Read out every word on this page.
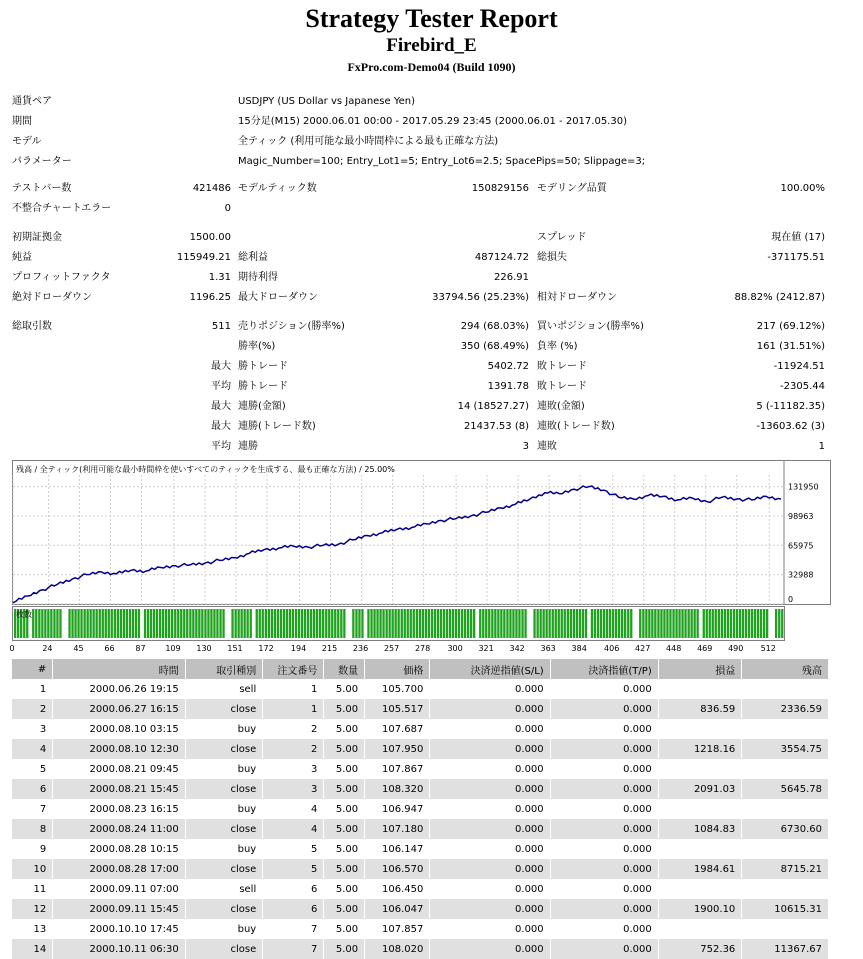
Strategy Tester Report
Firebird_E
FxPro.com-Demo04 (Build 1090)
通貨ペア	USDJPY (US Dollar vs Japanese Yen)
期間	15分足(M15) 2000.06.01 00:00 - 2017.05.29 23:45 (2000.06.01 - 2017.05.30)
モデル	全ティック (利用可能な最小時間枠による最も正確な方法)
パラメーター	Magic_Number=100; Entry_Lot1=5; Entry_Lot6=2.5; SpacePips=50; Slippage=3;
テストバー数	421486 モデルティック数	150829156 モデリング品質	100.00%
不整合チャートエラー	0
初期証拠金	1500.00	スプレッド	現在値 (17)
純益	115949.21 総利益	487124.72 総損失	-371175.51
プロフィットファクタ	1.31 期待利得	226.91
絶対ドローダウン	1196.25 最大ドローダウン	33794.56 (25.23%) 相対ドローダウン	88.82% (2412.87)
総取引数	511 売りポジション(勝率%)	294 (68.03%) 買いポジション(勝率%)	217 (69.12%)
勝率(%)	350 (68.49%) 負率 (%)	161 (31.51%)
最大 勝トレード	5402.72 敗トレード	-11924.51
平均 勝トレード	1391.78 敗トレード	-2305.44
最大 連勝(金額)	14 (18527.27) 連敗(金額)	5 (-11182.35)
最大 連勝(トレード数)	21437.53 (8) 連敗(トレード数)	-13603.62 (3)
平均 連勝	3 連敗	1
残高 / 全ティック(利用可能な最小時間枠を使いすべてのティックを生成する、最も正確な方法) / 25.00%
131950
98963
65975
32988
0
枚数
0	24	45	66	87 109 130 151 172 194 215 236 257 278 300 321 342 363 384 406 427 448 469 490 512
#	時間	取引種別	注文番号	数量	価格	決済逆指値(S/L)	決済指値(T/P)	損益	残高
1	2000.06.26 19:15	sell	1	5.00	105.700	0.000	0.000		
2	2000.06.27 16:15	close	1	5.00	105.517	0.000	0.000	836.59	2336.59
3	2000.08.10 03:15	buy	2	5.00	107.687	0.000	0.000		
4	2000.08.10 12:30	close	2	5.00	107.950	0.000	0.000	1218.16	3554.75
5	2000.08.21 09:45	buy	3	5.00	107.867	0.000	0.000		
6	2000.08.21 15:45	close	3	5.00	108.320	0.000	0.000	2091.03	5645.78
7	2000.08.23 16:15	buy	4	5.00	106.947	0.000	0.000		
8	2000.08.24 11:00	close	4	5.00	107.180	0.000	0.000	1084.83	6730.60
9	2000.08.28 10:15	buy	5	5.00	106.147	0.000	0.000		
10	2000.08.28 17:00	close	5	5.00	106.570	0.000	0.000	1984.61	8715.21
11	2000.09.11 07:00	sell	6	5.00	106.450	0.000	0.000		
12	2000.09.11 15:45	close	6	5.00	106.047	0.000	0.000	1900.10	10615.31
13	2000.10.10 17:45	buy	7	5.00	107.857	0.000	0.000		
14	2000.10.11 06:30	close	7	5.00	108.020	0.000	0.000	752.36	11367.67
